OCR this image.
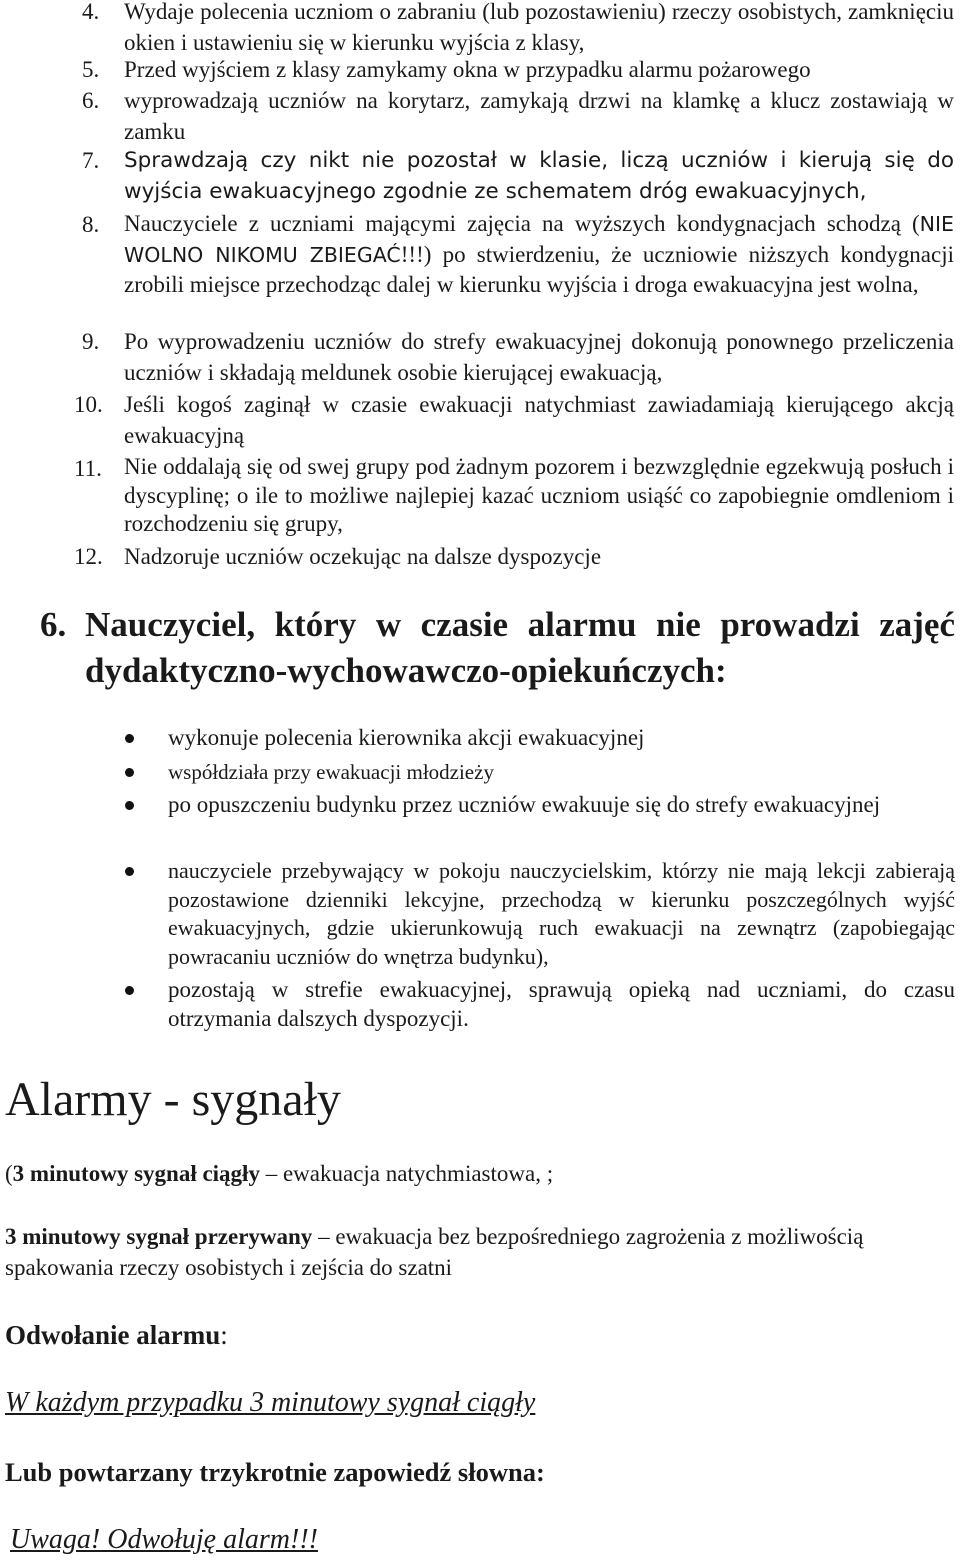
4. Wydaje polecenia uczniom o zabraniu (lub pozostawieniu) rzeczy osobistych, zamknięciu okien i ustawieniu się w kierunku wyjścia z klasy,
5. Przed wyjściem z klasy zamykamy okna w przypadku alarmu pożarowego
6. wyprowadzają uczniów na korytarz, zamykają drzwi na klamkę a klucz zostawiają w zamku
7. Sprawdzają czy nikt nie pozostał w klasie, liczą uczniów i kierują się do wyjścia ewakuacyjnego zgodnie ze schematem dróg ewakuacyjnych,
8. Nauczyciele z uczniami mającymi zajęcia na wyższych kondygnacjach schodzą (NIE WOLNO NIKOMU ZBIEGAĆ!!!) po stwierdzeniu, że uczniowie niższych kondygnacji zrobili miejsce przechodząc dalej w kierunku wyjścia i droga ewakuacyjna jest wolna,
9. Po wyprowadzeniu uczniów do strefy ewakuacyjnej dokonują ponownego przeliczenia uczniów i składają meldunek osobie kierującej ewakuacją,
10. Jeśli kogoś zaginął w czasie ewakuacji natychmiast zawiadamiają kierującego akcją ewakuacyjną
11. Nie oddalają się od swej grupy pod żadnym pozorem i bezwzględnie egzekwują posłuch i dyscyplinę; o ile to możliwe najlepiej kazać uczniom usiąść co zapobiegnie omdleniom i rozchodzeniu się grupy,
12. Nadzoruje uczniów oczekując na dalsze dyspozycje
6. Nauczyciel, który w czasie alarmu nie prowadzi zajęć dydaktyczno-wychowawczo-opiekuńczych:
wykonuje polecenia kierownika akcji ewakuacyjnej
współdziała przy ewakuacji młodzieży
po opuszczeniu budynku przez uczniów ewakuuje się do strefy ewakuacyjnej
nauczyciele przebywający w pokoju nauczycielskim, którzy nie mają lekcji zabierają pozostawione dzienniki lekcyjne, przechodzą w kierunku poszczególnych wyjść ewakuacyjnych, gdzie ukierunkowują ruch ewakuacji na zewnątrz (zapobiegając powracaniu uczniów do wnętrza budynku),
pozostają w strefie ewakuacyjnej, sprawują opieką nad uczniami, do czasu otrzymania dalszych dyspozycji.
Alarmy - sygnały
(3 minutowy sygnał ciągły – ewakuacja natychmiastowa, ;
3 minutowy sygnał przerywany – ewakuacja bez bezpośredniego zagrożenia z możliwością spakowania rzeczy osobistych i zejścia do szatni
Odwołanie alarmu:
W każdym przypadku 3 minutowy sygnał ciągły
Lub powtarzany trzykrotnie zapowiedź słowna:
Uwaga! Odwołuję alarm!!!
